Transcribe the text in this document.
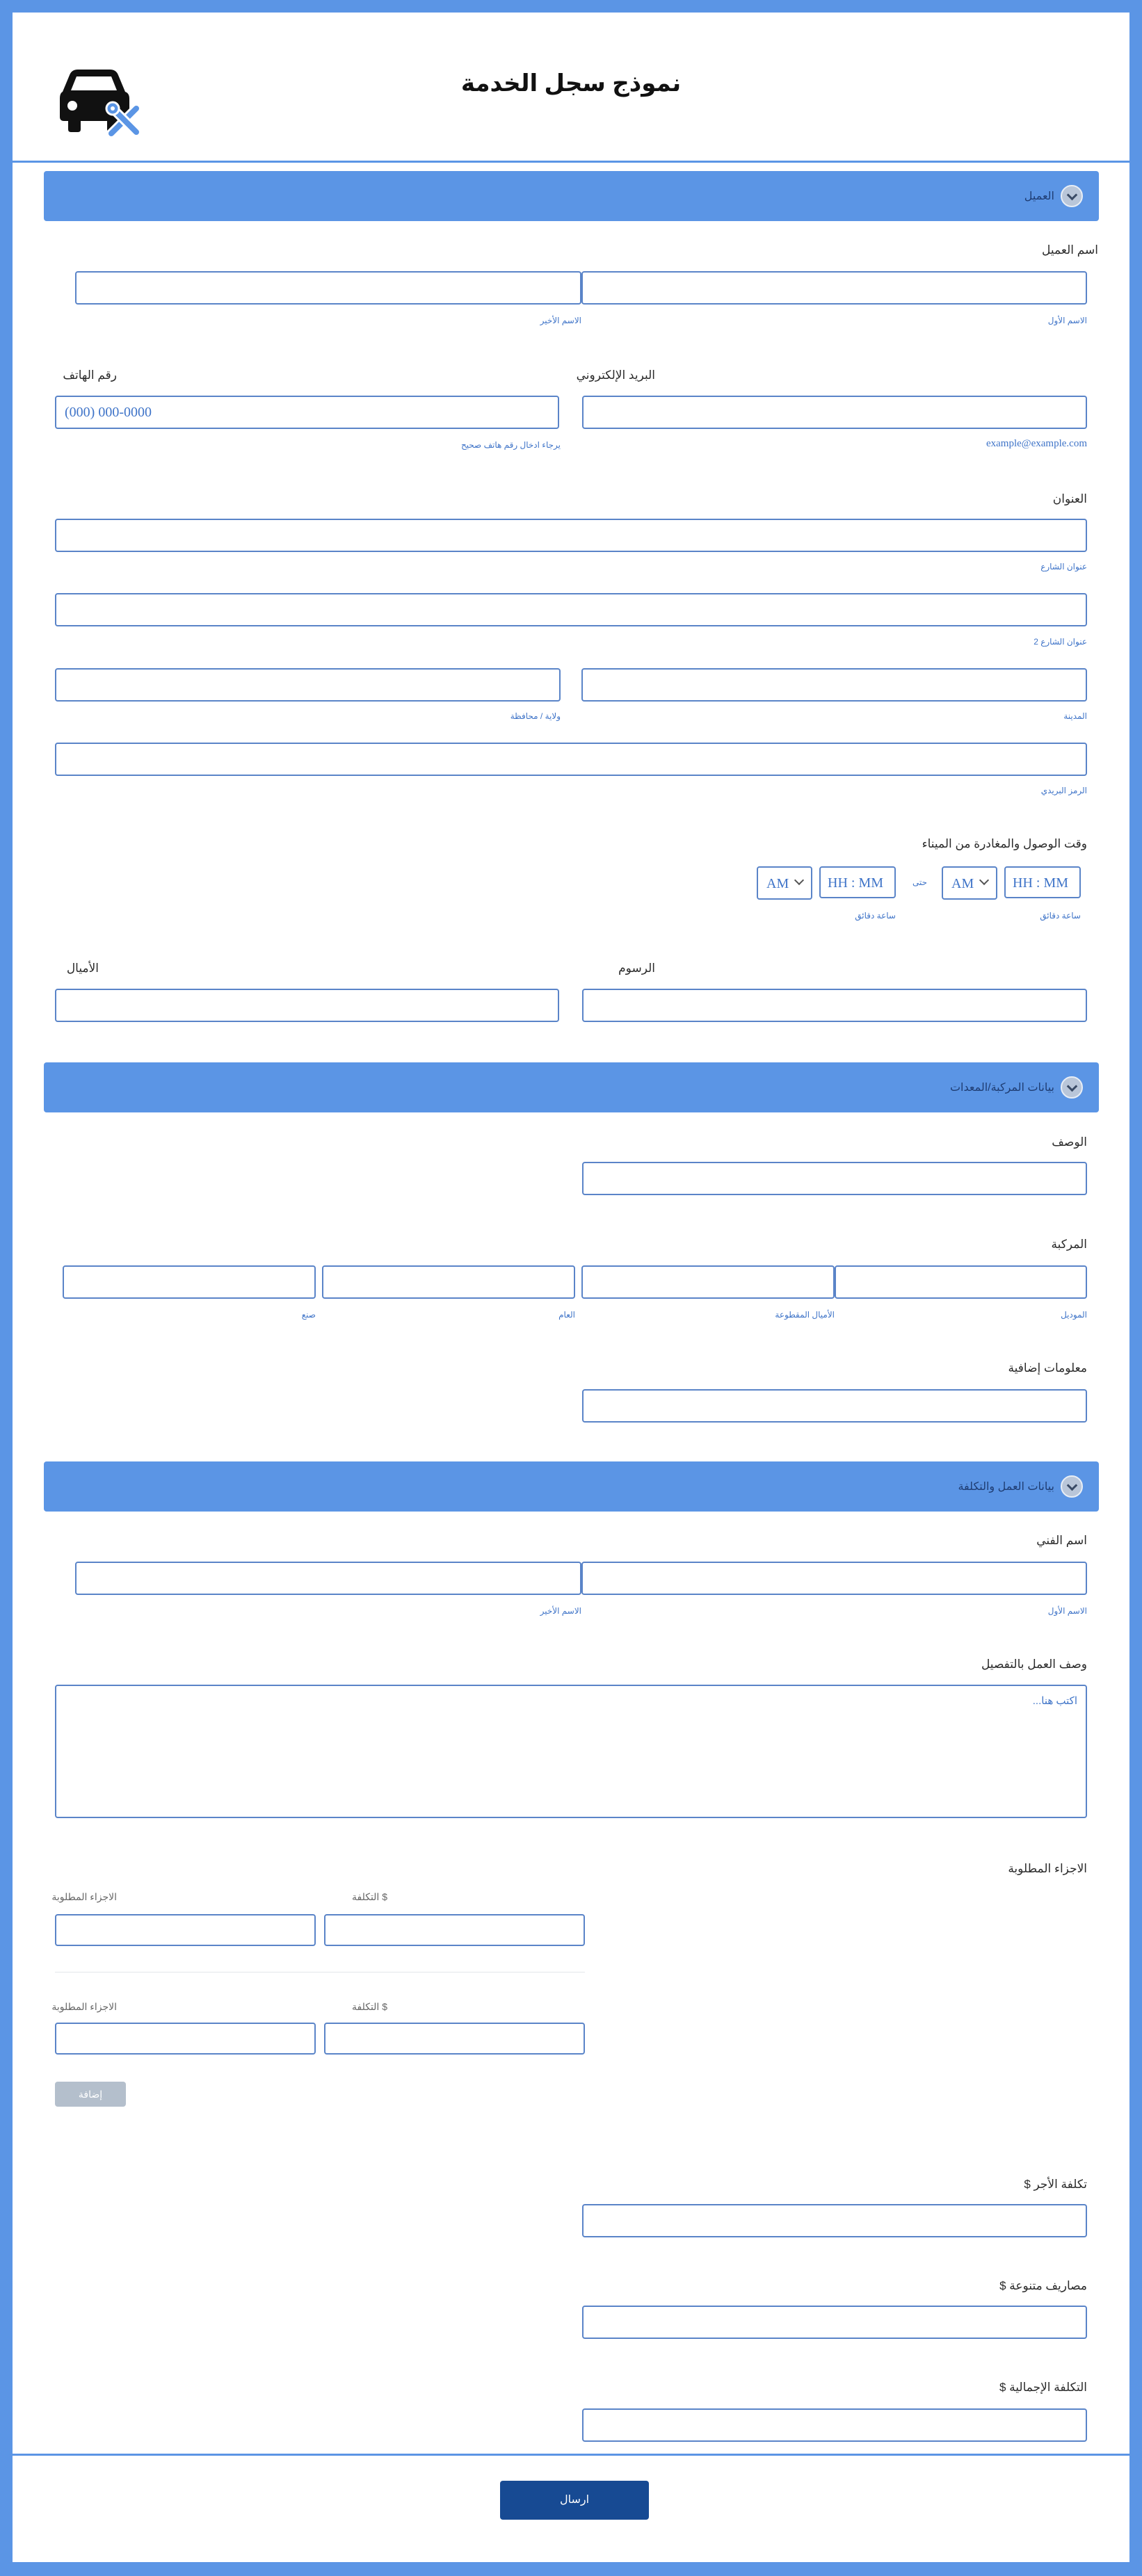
نموذج سجل الخدمة
العميل
اسم العميل
الاسم الأول
الاسم الأخير
البريد الإلكتروني
رقم الهاتف
(000) 000-0000
example@example.com
يرجاء ادخال رقم هاتف صحيح
العنوان
عنوان الشارع
عنوان الشارع 2
المدينة
ولاية / محافظة
الرمز البريدي
وقت الوصول والمغادرة من الميناء
HH : MM
AM
حتى
HH : MM
AM
ساعة دقائق
ساعة دقائق
الرسوم
الأميال
بيانات المركبة/المعدات
الوصف
المركبة
الموديل
الأميال المقطوعة
العام
صنع
معلومات إضافية
بيانات العمل والتكلفة
اسم الفني
الاسم الأول
الاسم الأخير
وصف العمل بالتفصيل
اكتب هنا...
الاجزاء المطلوبة
الاجزاء المطلوبة	$ التكلفة
الاجزاء المطلوبة	$ التكلفة
إضافة
تكلفة الأجر $
مصاريف متنوعة $
التكلفة الإجمالية $
ارسال
